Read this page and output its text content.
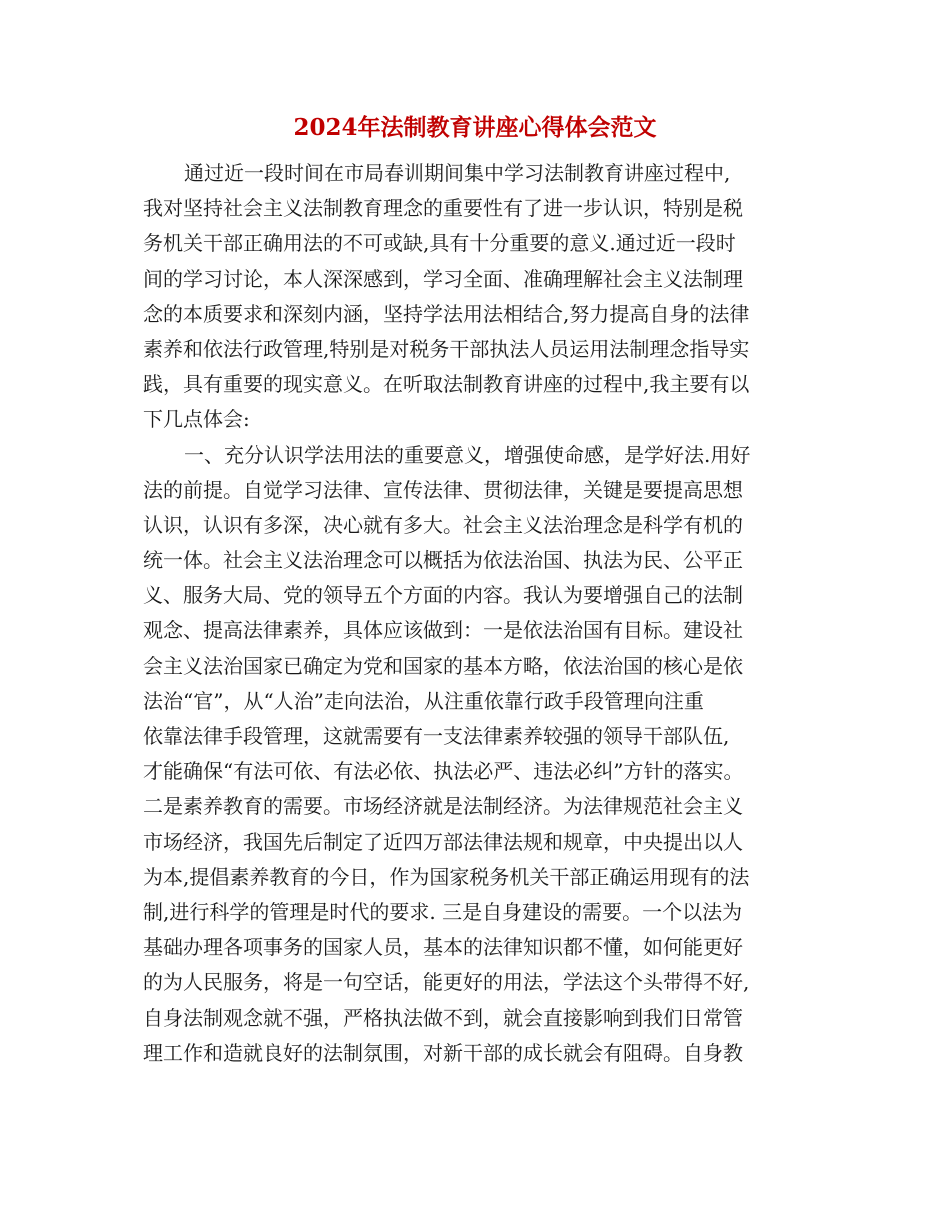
2024年法制教育讲座心得体会范文

通过近一段时间在市局春训期间集中学习法制教育讲座过程中,

我对坚持社会主义法制教育理念的重要性有了进一步认识，特别是税

务机关干部正确用法的不可或缺,具有十分重要的意义.通过近一段时

间的学习讨论，本人深深感到，学习全面、准确理解社会主义法制理

念的本质要求和深刻内涵，坚持学法用法相结合,努力提高自身的法律

素养和依法行政管理,特别是对税务干部执法人员运用法制理念指导实

践，具有重要的现实意义。在听取法制教育讲座的过程中,我主要有以

下几点体会:

一、充分认识学法用法的重要意义，增强使命感，是学好法.用好

法的前提。自觉学习法律、宣传法律、贯彻法律，关键是要提高思想

认识，认识有多深，决心就有多大。社会主义法治理念是科学有机的

统一体。社会主义法治理念可以概括为依法治国、执法为民、公平正

义、服务大局、党的领导五个方面的内容。我认为要增强自己的法制

观念、提高法律素养，具体应该做到：一是依法治国有目标。建设社

会主义法治国家已确定为党和国家的基本方略，依法治国的核心是依

法治“官”，从“人治”走向法治，从注重依靠行政手段管理向注重

依靠法律手段管理，这就需要有一支法律素养较强的领导干部队伍,

才能确保“有法可依、有法必依、执法必严、违法必纠”方针的落实。

二是素养教育的需要。市场经济就是法制经济。为法律规范社会主义

市场经济，我国先后制定了近四万部法律法规和规章，中央提出以人

为本,提倡素养教育的今日，作为国家税务机关干部正确运用现有的法

制,进行科学的管理是时代的要求. 三是自身建设的需要。一个以法为

基础办理各项事务的国家人员，基本的法律知识都不懂，如何能更好

的为人民服务，将是一句空话，能更好的用法，学法这个头带得不好,

自身法制观念就不强，严格执法做不到，就会直接影响到我们日常管

理工作和造就良好的法制氛围，对新干部的成长就会有阻碍。自身教
